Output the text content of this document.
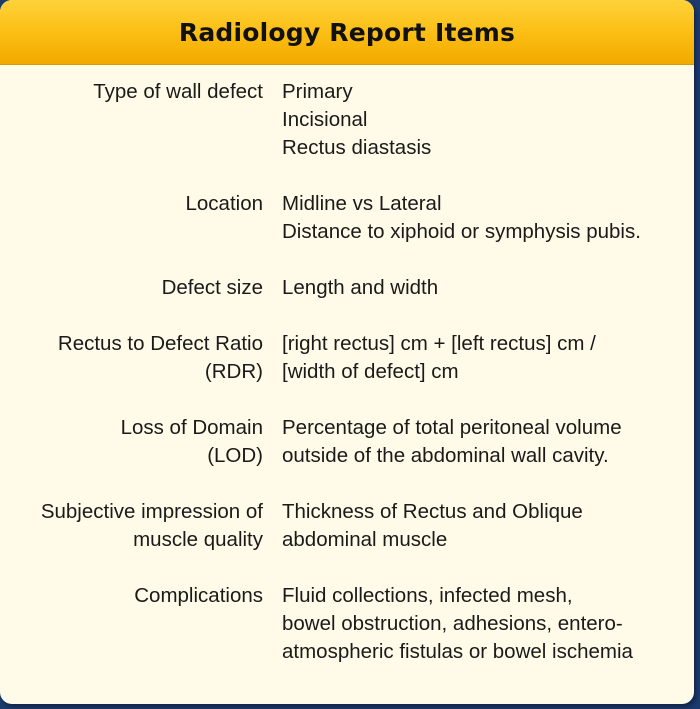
Radiology Report Items
Type of wall defect Primary
Incisional
Rectus diastasis
Location Midline vs Lateral
Distance to xiphoid or symphysis pubis.
Defect size Length and width
Rectus to Defect Ratio
(RDR)
[right rectus] cm + [left rectus] cm /
[width of defect] cm
Loss of Domain
(LOD)
Percentage of total peritoneal volume
outside of the abdominal wall cavity.
Subjective impression of
muscle quality
Thickness of Rectus and Oblique
abdominal muscle
Complications Fluid collections, infected mesh,
bowel obstruction, adhesions, entero-
atmospheric fistulas or bowel ischemia
